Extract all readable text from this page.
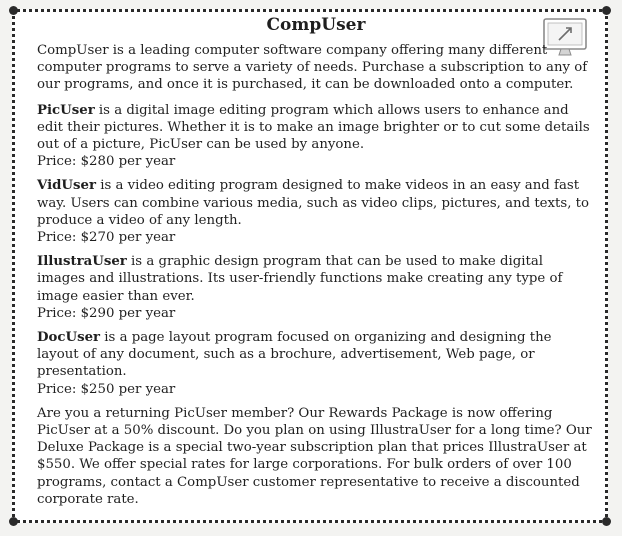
CompUser

CompUser is a leading computer software company offering many different computer programs to serve a variety of needs. Purchase a subscription to any of our programs, and once it is purchased, it can be downloaded onto a computer.

PicUser is a digital image editing program which allows users to enhance and edit their pictures. Whether it is to make an image brighter or to cut some details out of a picture, PicUser can be used by anyone.
Price: $280 per year

VidUser is a video editing program designed to make videos in an easy and fast way. Users can combine various media, such as video clips, pictures, and texts, to produce a video of any length.
Price: $270 per year

IllustraUser is a graphic design program that can be used to make digital images and illustrations. Its user-friendly functions make creating any type of image easier than ever.
Price: $290 per year

DocUser is a page layout program focused on organizing and designing the layout of any document, such as a brochure, advertisement, Web page, or presentation.
Price: $250 per year

Are you a returning PicUser member? Our Rewards Package is now offering PicUser at a 50% discount. Do you plan on using IllustraUser for a long time? Our Deluxe Package is a special two-year subscription plan that prices IllustraUser at $550. We offer special rates for large corporations. For bulk orders of over 100 programs, contact a CompUser customer representative to receive a discounted corporate rate.
